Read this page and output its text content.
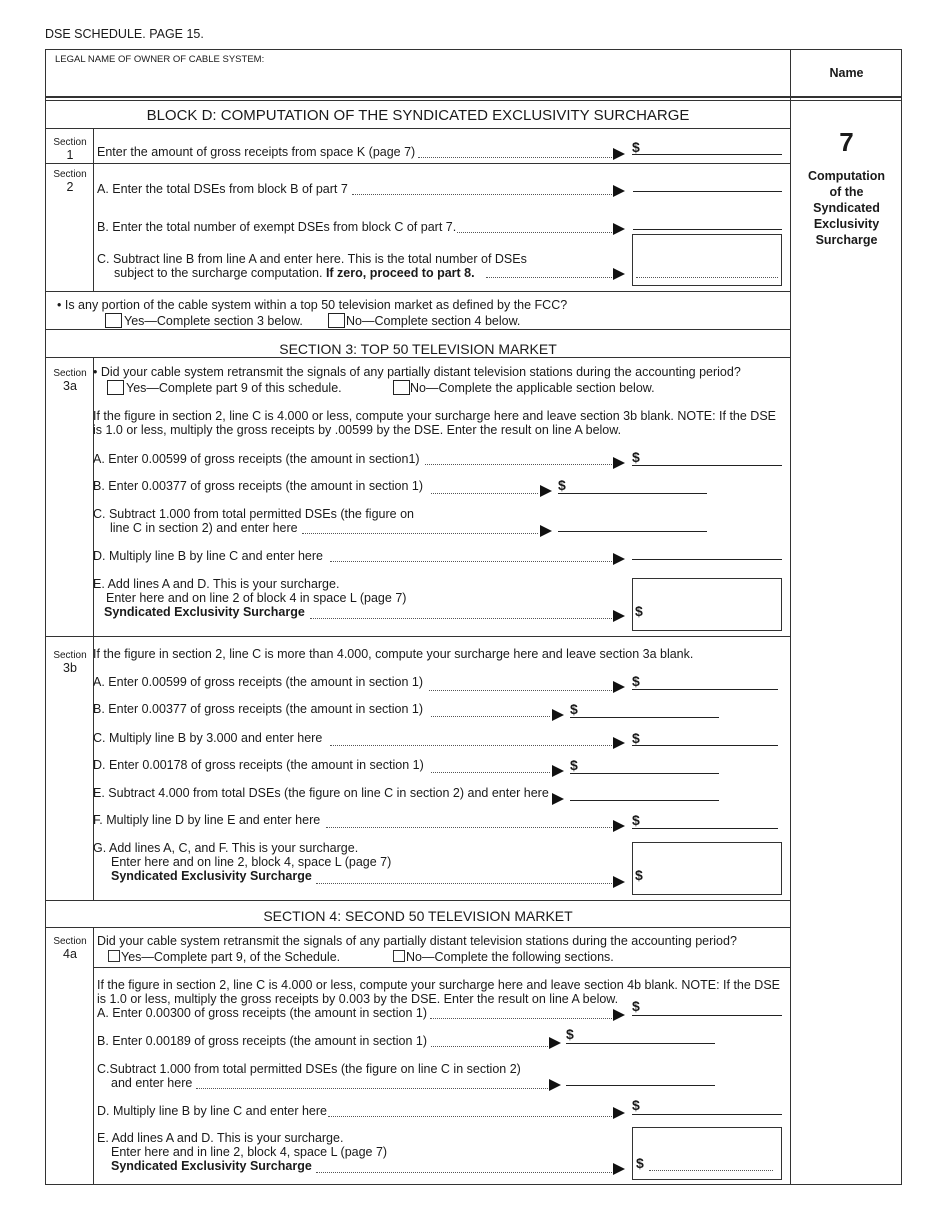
DSE SCHEDULE. PAGE 15.
LEGAL NAME OF OWNER OF CABLE SYSTEM:
Name
7
Computation
of the
Syndicated
Exclusivity
Surcharge
BLOCK D: COMPUTATION OF THE SYNDICATED EXCLUSIVITY SURCHARGE
Section
1	Enter the amount of gross receipts from space K (page 7)	$
Section
2	A. Enter the total DSEs from block B of part 7
B. Enter the total number of exempt DSEs from block C of part 7.
C. Subtract line B from line A and enter here. This is the total number of DSEs
subject to the surcharge computation. If zero, proceed to part 8.
• Is any portion of the cable system within a top 50 television market as defined by the FCC?
Yes—Complete section 3 below.	No—Complete section 4 below.
SECTION 3: TOP 50 TELEVISION MARKET
Section
3a
• Did your cable system retransmit the signals of any partially distant television stations during the accounting period?
Yes—Complete part 9 of this schedule.	No—Complete the applicable section below.
If the figure in section 2, line C is 4.000 or less, compute your surcharge here and leave section 3b blank. NOTE: If the DSE
is 1.0 or less, multiply the gross receipts by .00599 by the DSE. Enter the result on line A below.
A. Enter 0.00599 of gross receipts (the amount in section1)	$
B. Enter 0.00377 of gross receipts (the amount in section 1)	$
C. Subtract 1.000 from total permitted DSEs (the figure on
line C in section 2) and enter here
D. Multiply line B by line C and enter here
E. Add lines A and D. This is your surcharge.
Enter here and on line 2 of block 4 in space L (page 7)
Syndicated Exclusivity Surcharge	$
Section
3b
If the figure in section 2, line C is more than 4.000, compute your surcharge here and leave section 3a blank.
A. Enter 0.00599 of gross receipts (the amount in section 1)	$
B. Enter 0.00377 of gross receipts (the amount in section 1)	$
C. Multiply line B by 3.000 and enter here	$
D. Enter 0.00178 of gross receipts (the amount in section 1)	$
E. Subtract 4.000 from total DSEs (the figure on line C in section 2) and enter here
F. Multiply line D by line E and enter here	$
G. Add lines A, C, and F. This is your surcharge.
Enter here and on line 2, block 4, space L (page 7)
Syndicated Exclusivity Surcharge	$
SECTION 4: SECOND 50 TELEVISION MARKET
Section
4a
Did your cable system retransmit the signals of any partially distant television stations during the accounting period?
Yes—Complete part 9, of the Schedule.	No—Complete the following sections.
If the figure in section 2, line C is 4.000 or less, compute your surcharge here and leave section 4b blank. NOTE: If the DSE
is 1.0 or less, multiply the gross receipts by 0.003 by the DSE. Enter the result on line A below.
A. Enter 0.00300 of gross receipts (the amount in section 1)	$
B. Enter 0.00189 of gross receipts (the amount in section 1)	$
C.Subtract 1.000 from total permitted DSEs (the figure on line C in section 2)
and enter here
D. Multiply line B by line C and enter here	$
E. Add lines A and D. This is your surcharge.
Enter here and in line 2, block 4, space L (page 7)
Syndicated Exclusivity Surcharge	$
